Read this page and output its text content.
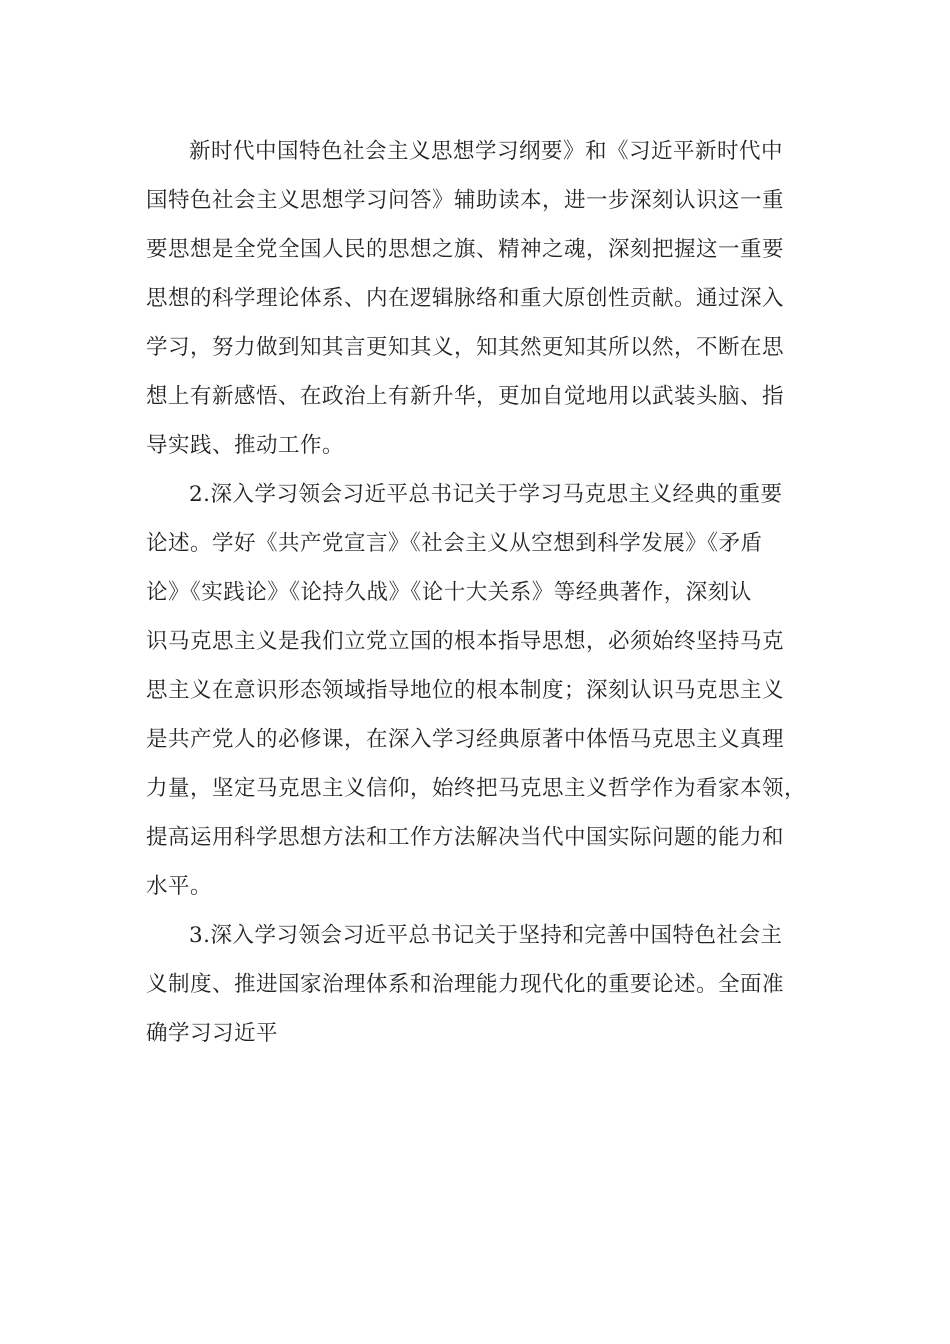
新时代中国特色社会主义思想学习纲要》和《习近平新时代中
国特色社会主义思想学习问答》辅助读本，进一步深刻认识这一重
要思想是全党全国人民的思想之旗、精神之魂，深刻把握这一重要
思想的科学理论体系、内在逻辑脉络和重大原创性贡献。通过深入
学习，努力做到知其言更知其义，知其然更知其所以然，不断在思
想上有新感悟、在政治上有新升华，更加自觉地用以武装头脑、指
导实践、推动工作。
2.深入学习领会习近平总书记关于学习马克思主义经典的重要
论述。学好《共产党宣言》《社会主义从空想到科学发展》《矛盾
论》《实践论》《论持久战》《论十大关系》等经典著作，深刻认
识马克思主义是我们立党立国的根本指导思想，必须始终坚持马克
思主义在意识形态领域指导地位的根本制度；深刻认识马克思主义
是共产党人的必修课，在深入学习经典原著中体悟马克思主义真理
力量，坚定马克思主义信仰，始终把马克思主义哲学作为看家本领，
提高运用科学思想方法和工作方法解决当代中国实际问题的能力和
水平。
3.深入学习领会习近平总书记关于坚持和完善中国特色社会主
义制度、推进国家治理体系和治理能力现代化的重要论述。全面准
确学习习近平
